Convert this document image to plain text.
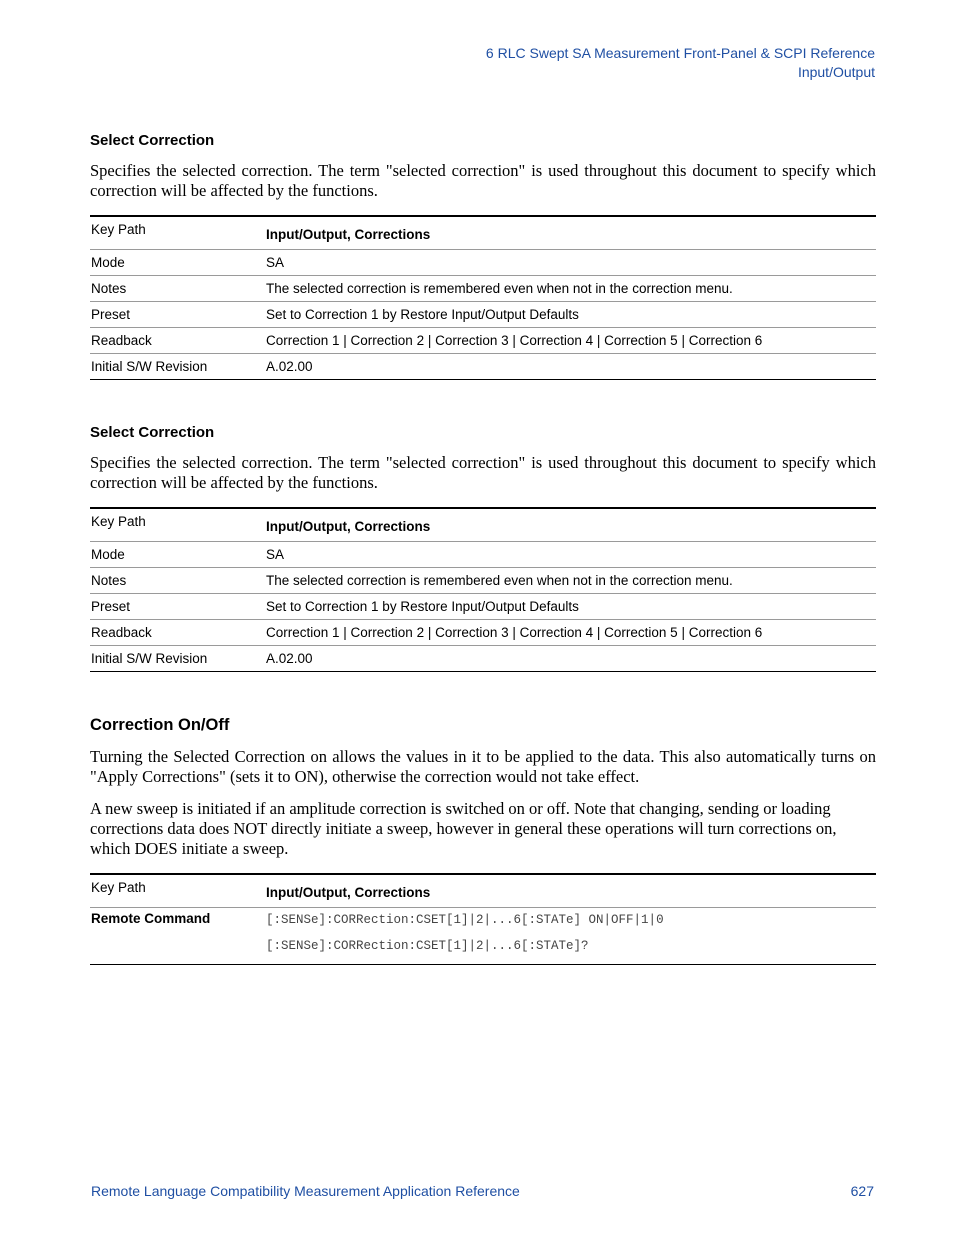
6 RLC Swept SA Measurement Front-Panel & SCPI Reference
Input/Output
Select Correction

Specifies the selected correction. The term "selected correction" is used throughout this document to specify which correction will be affected by the functions.

Key Path	Input/Output, Corrections
Mode	SA
Notes	The selected correction is remembered even when not in the correction menu.
Preset	Set to Correction 1 by Restore Input/Output Defaults
Readback	Correction 1 | Correction 2 | Correction 3 | Correction 4 | Correction 5 | Correction 6
Initial S/W Revision	A.02.00
Select Correction

Specifies the selected correction. The term "selected correction" is used throughout this document to specify which correction will be affected by the functions.

Key Path	Input/Output, Corrections
Mode	SA
Notes	The selected correction is remembered even when not in the correction menu.
Preset	Set to Correction 1 by Restore Input/Output Defaults
Readback	Correction 1 | Correction 2 | Correction 3 | Correction 4 | Correction 5 | Correction 6
Initial S/W Revision	A.02.00
Correction On/Off

Turning the Selected Correction on allows the values in it to be applied to the data. This also automatically turns on "Apply Corrections" (sets it to ON), otherwise the correction would not take effect.

A new sweep is initiated if an amplitude correction is switched on or off. Note that changing, sending or loading corrections data does NOT directly initiate a sweep, however in general these operations will turn corrections on, which DOES initiate a sweep.

Key Path	Input/Output, Corrections
Remote Command	[:SENSe]:CORRection:CSET[1]|2|...6[:STATe] ON|OFF|1|0
[:SENSe]:CORRection:CSET[1]|2|...6[:STATe]?
Remote Language Compatibility Measurement Application Reference	627
